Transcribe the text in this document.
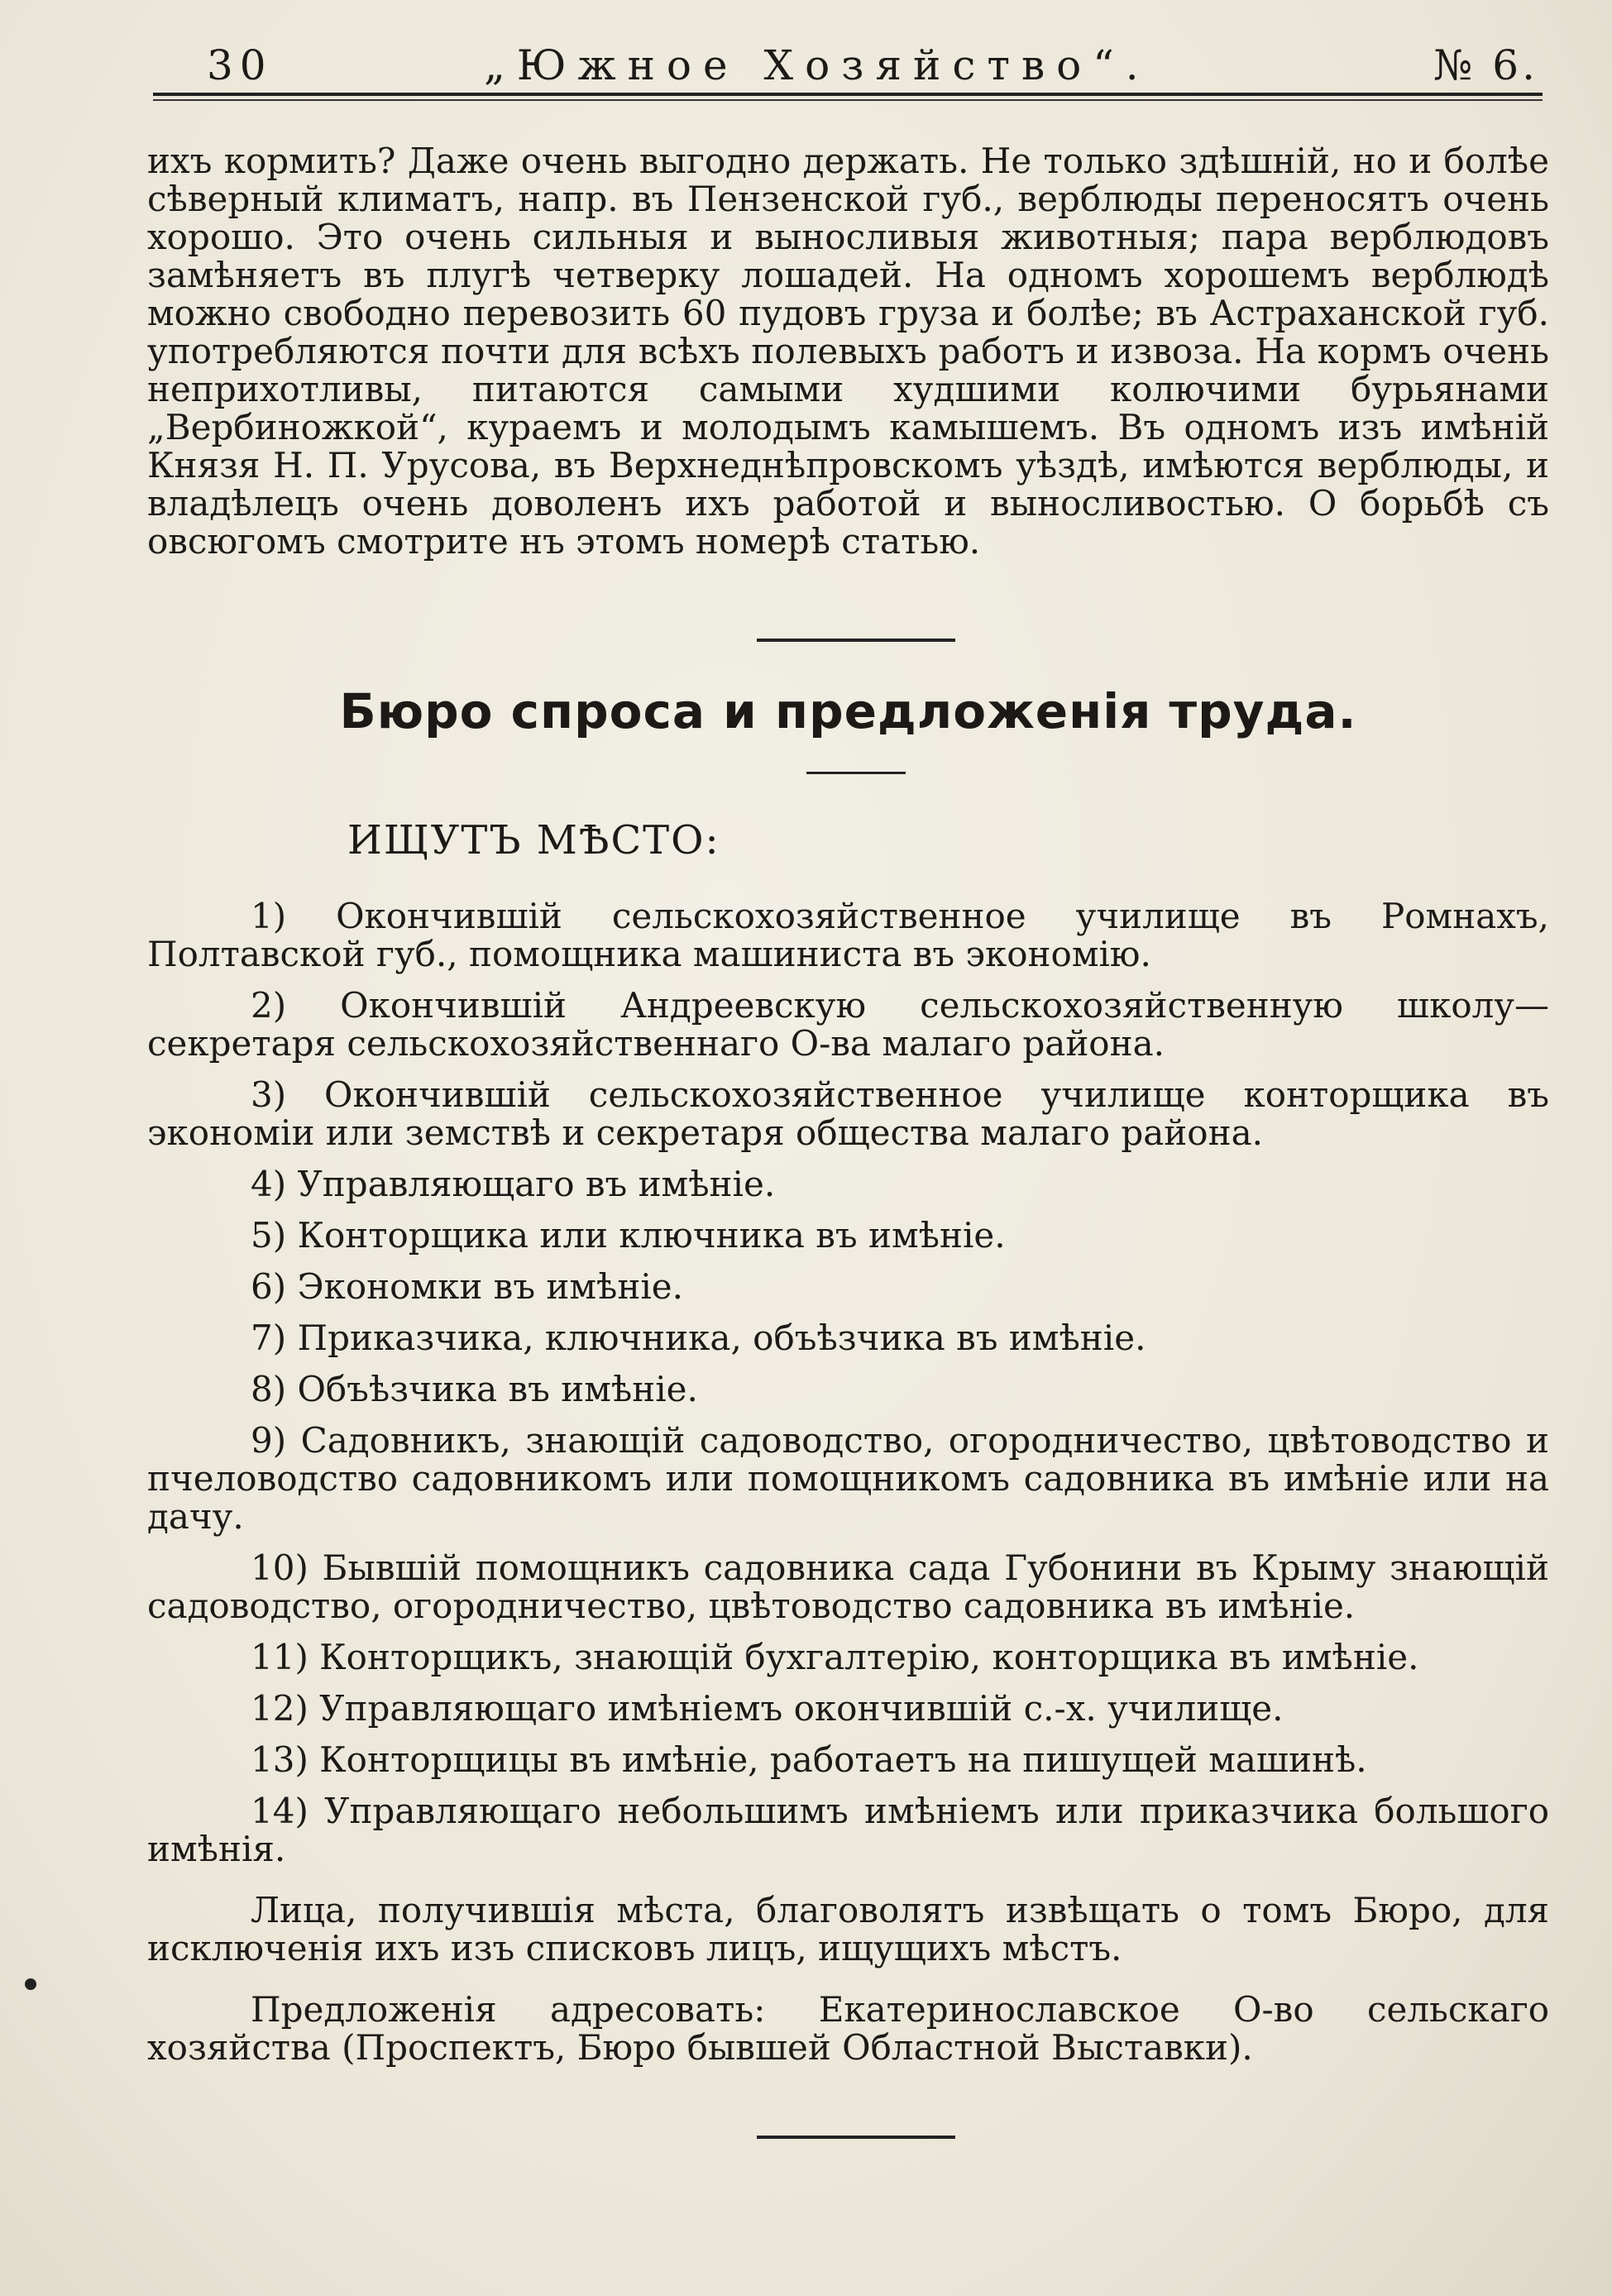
30	„Южное Хозяйство“.	№ 6.

ихъ кормить? Даже очень выгодно держать. Не только здѣшній, но и болѣе сѣверный климатъ, напр. въ Пензенской губ., верблюды переносятъ очень хорошо. Это очень сильныя и выносливыя животныя; пара верблюдовъ замѣняетъ въ плугѣ четверку лошадей. На одномъ хорошемъ верблюдѣ можно свободно перевозить 60 пудовъ груза и болѣе; въ Астраханской губ. употребляются почти для всѣхъ полевыхъ работъ и извоза. На кормъ очень неприхотливы, питаются самыми худшими колючими бурьянами „Вербиножкой“, кураемъ и молодымъ камышемъ. Въ одномъ изъ имѣній Князя Н. П. Урусова, въ Верхнеднѣпровскомъ уѣздѣ, имѣются верблюды, и владѣлецъ очень доволенъ ихъ работой и выносливостью. О борьбѣ съ овсюгомъ смотрите нъ этомъ номерѣ статью.

Бюро спроса и предложенія труда.
ИЩУТЪ МѢСТО:

1) Окончившій сельскохозяйственное училище въ Ромнахъ, Полтавской губ., помощника машиниста въ экономію.

2) Окончившій Андреевскую сельскохозяйственную школу—секретаря сельскохозяйственнаго О-ва малаго района.

3) Окончившій сельскохозяйственное училище конторщика въ экономіи или земствѣ и секретаря общества малаго района.

4) Управляющаго въ имѣніе.

5) Конторщика или ключника въ имѣніе.

6) Экономки въ имѣніе.

7) Приказчика, ключника, объѣзчика въ имѣніе.

8) Объѣзчика въ имѣніе.

9) Садовникъ, знающій садоводство, огородничество, цвѣтоводство и пчеловодство садовникомъ или помощникомъ садовника въ имѣніе или на дачу.

10) Бывшій помощникъ садовника сада Губонини въ Крыму знающій садоводство, огородничество, цвѣтоводство садовника въ имѣніе.

11) Конторщикъ, знающій бухгалтерію, конторщика въ имѣніе.

12) Управляющаго имѣніемъ окончившій с.-х. училище.

13) Конторщицы въ имѣніе, работаетъ на пишущей машинѣ.

14) Управляющаго небольшимъ имѣніемъ или приказчика большого имѣнія.

Лица, получившія мѣста, благоволятъ извѣщать о томъ Бюро, для исключенія ихъ изъ списковъ лицъ, ищущихъ мѣстъ.

Предложенія адресовать: Екатеринославское О-во сельскаго хозяйства (Проспектъ, Бюро бывшей Областной Выставки).
